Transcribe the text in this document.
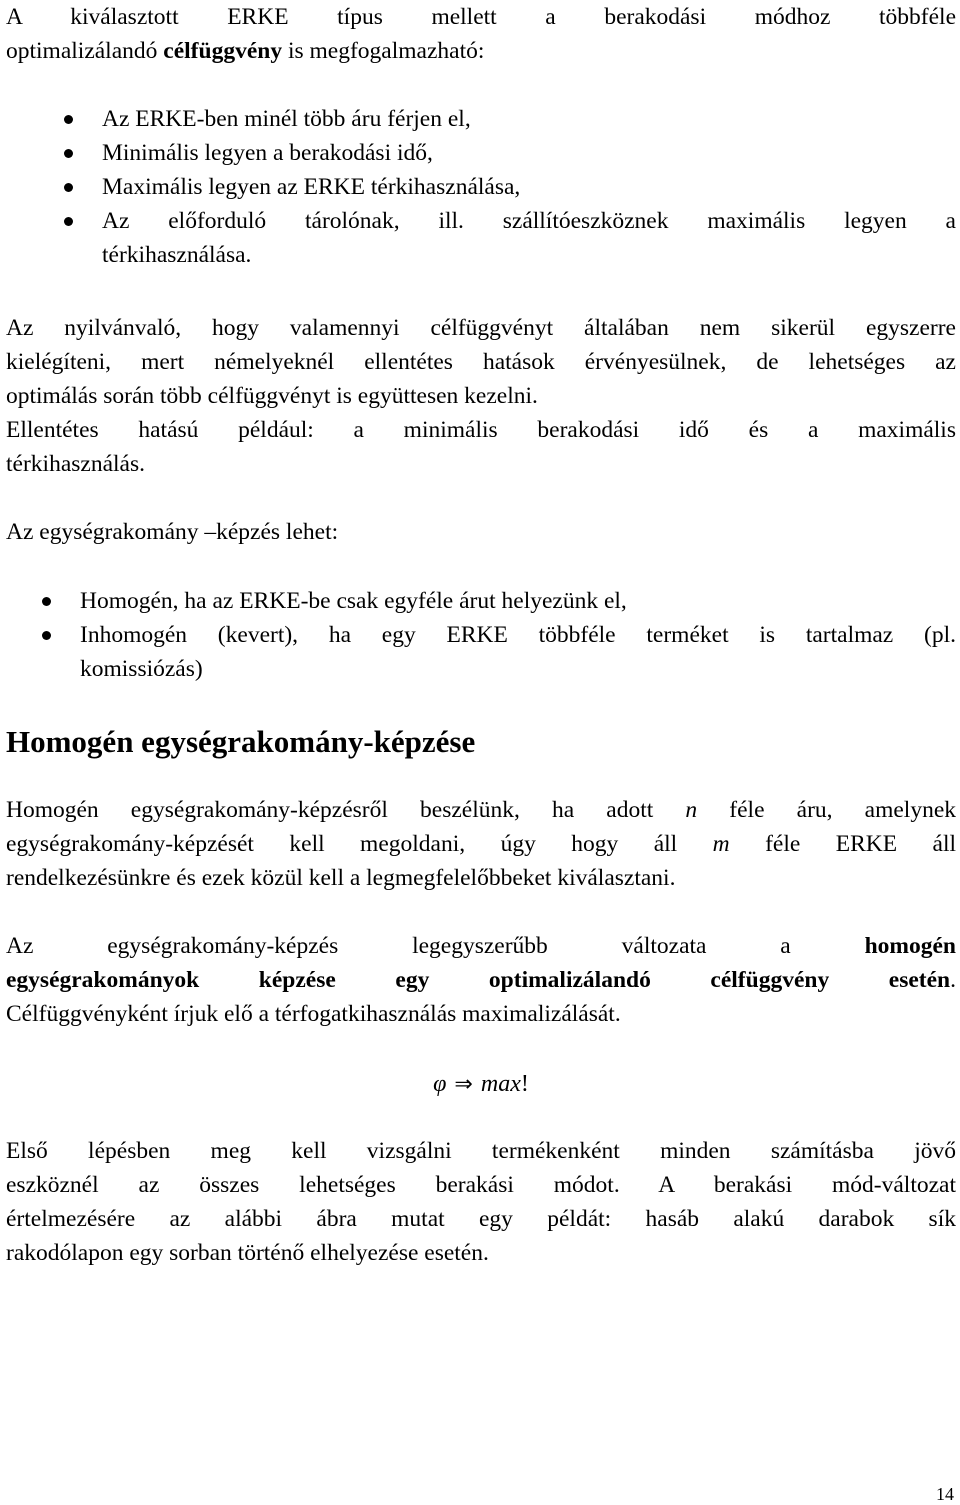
A kiválasztott ERKE típus mellett a berakodási módhoz többféle
optimalizálandó célfüggvény is megfogalmazható:
Az ERKE-ben minél több áru férjen el,
Minimális legyen a berakodási idő,
Maximális legyen az ERKE térkihasználása,
Az előforduló tárolónak, ill. szállítóeszköznek maximális legyen a
térkihasználása.
Az nyilvánvaló, hogy valamennyi célfüggvényt általában nem sikerül egyszerre
kielégíteni, mert némelyeknél ellentétes hatások érvényesülnek, de lehetséges az
optimálás során több célfüggvényt is együttesen kezelni.
Ellentétes hatású például: a minimális berakodási idő és a maximális
térkihasználás.
Az egységrakomány –képzés lehet:
Homogén, ha az ERKE-be csak egyféle árut helyezünk el,
Inhomogén (kevert), ha egy ERKE többféle terméket is tartalmaz (pl.
komissiózás)
Homogén egységrakomány-képzése
Homogén egységrakomány-képzésről beszélünk, ha adott n féle áru, amelynek
egységrakomány-képzését kell megoldani, úgy hogy áll m féle ERKE áll
rendelkezésünkre és ezek közül kell a legmegfelelőbbeket kiválasztani.
Az egységrakomány-képzés legegyszerűbb változata a homogén
egységrakományok képzése egy optimalizálandó célfüggvény esetén.
Célfüggvényként írjuk elő a térfogatkihasználás maximalizálását.
φ ⇒ max!
Első lépésben meg kell vizsgálni termékenként minden számításba jövő
eszköznél az összes lehetséges berakási módot. A berakási mód-változat
értelmezésére az alábbi ábra mutat egy példát: hasáb alakú darabok sík
rakodólapon egy sorban történő elhelyezése esetén.
14
